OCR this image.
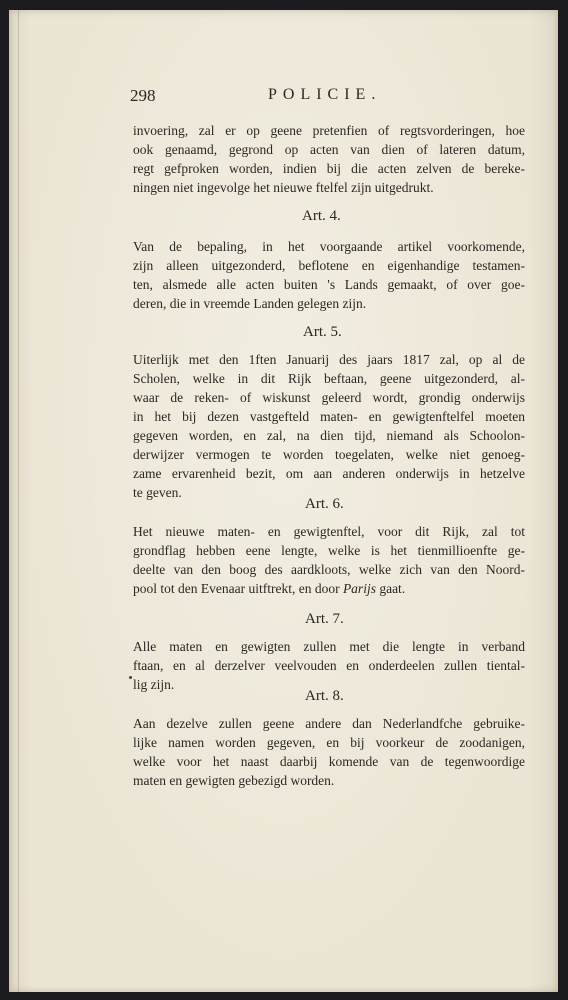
298	POLICIE.
invoering, zal er op geene pretenfien of regtsvorderingen, hoe
ook genaamd, gegrond op acten van dien of lateren datum,
regt gefproken worden, indien bij die acten zelven de bereke-
ningen niet ingevolge het nieuwe ftelfel zijn uitgedrukt.
Art. 4.
Van de bepaling, in het voorgaande artikel voorkomende,
zijn alleen uitgezonderd, beflotene en eigenhandige testamen-
ten, alsmede alle acten buiten 's Lands gemaakt, of over goe-
deren, die in vreemde Landen gelegen zijn.
Art. 5.
Uiterlijk met den 1ften Januarij des jaars 1817 zal, op al de
Scholen, welke in dit Rijk beftaan, geene uitgezonderd, al-
waar de reken- of wiskunst geleerd wordt, grondig onderwijs
in het bij dezen vastgefteld maten- en gewigtenftelfel moeten
gegeven worden, en zal, na dien tijd, niemand als Schoolon-
derwijzer vermogen te worden toegelaten, welke niet genoeg-
zame ervarenheid bezit, om aan anderen onderwijs in hetzelve
te geven.
Art. 6.
Het nieuwe maten- en gewigtenftel, voor dit Rijk, zal tot
grondflag hebben eene lengte, welke is het tienmillioenfte ge-
deelte van den boog des aardkloots, welke zich van den Noord-
pool tot den Evenaar uitftrekt, en door Parijs gaat.
Art. 7.
Alle maten en gewigten zullen met die lengte in verband
ftaan, en al derzelver veelvouden en onderdeelen zullen tiental-
lig zijn.
Art. 8.
Aan dezelve zullen geene andere dan Nederlandfche gebruike-
lijke namen worden gegeven, en bij voorkeur de zoodanigen,
welke voor het naast daarbij komende van de tegenwoordige
maten en gewigten gebezigd worden.
